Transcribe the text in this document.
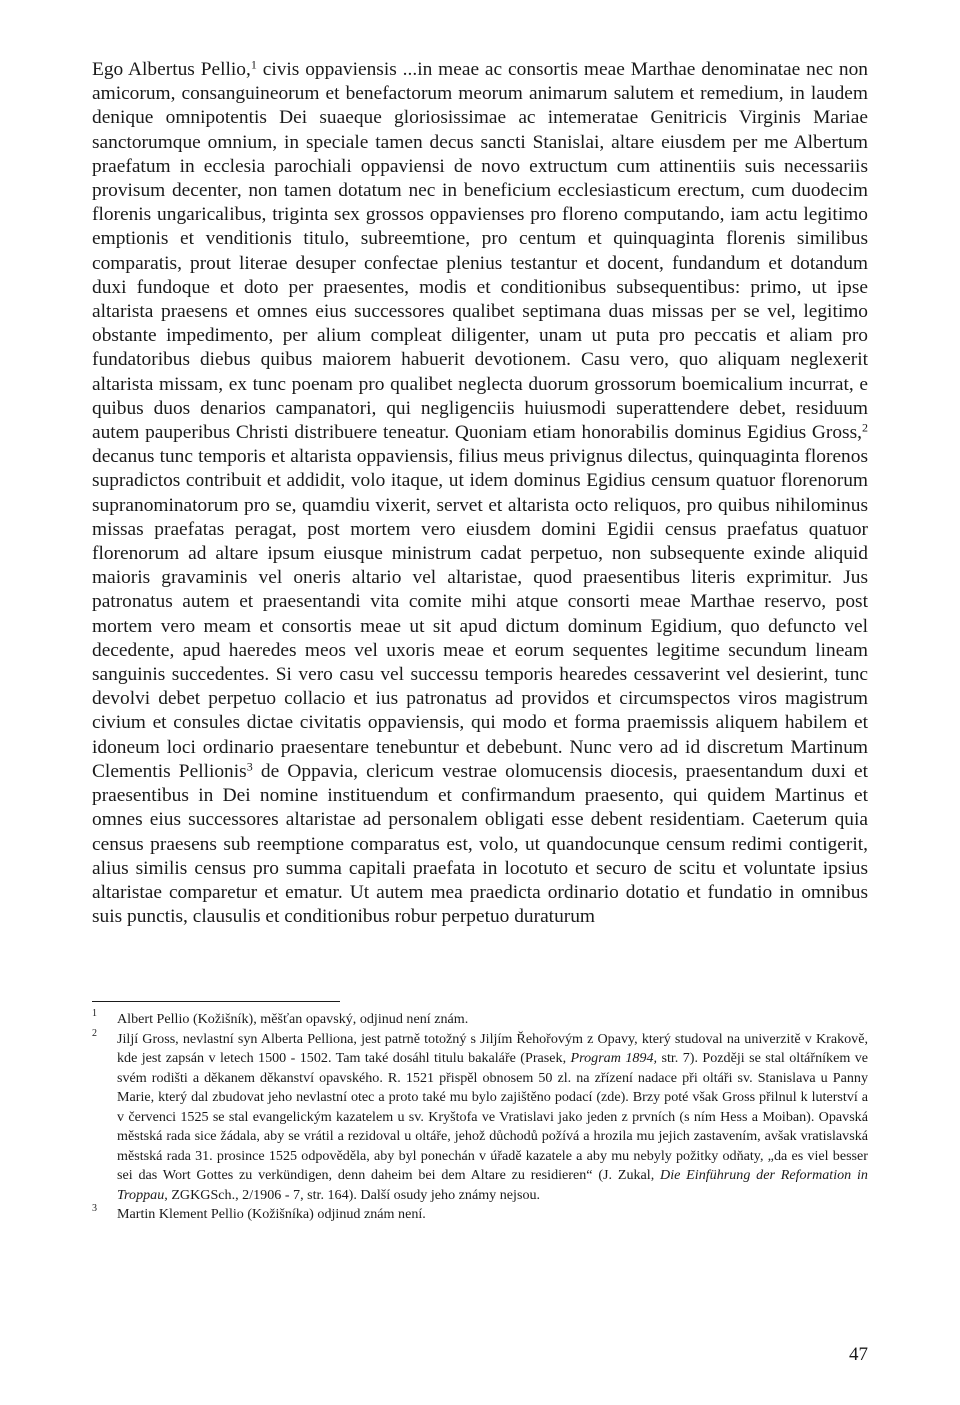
Ego Albertus Pellio,$^1$ civis oppaviensis ...in meae ac consortis meae Marthae denominatae nec non amicorum, consanguineorum et benefactorum meorum animarum salutem et remedium, in laudem denique omnipotentis Dei suaeque gloriosissimae ac intemeratae Genitricis Virginis Mariae sanctorumque omnium, in speciale tamen decus sancti Stanislai, altare eiusdem per me Albertum praefatum in ecclesia parochiali oppaviensi de novo extructum cum attinentiis suis necessariis provisum decenter, non tamen dotatum nec in beneficium ecclesiasticum erectum, cum duodecim florenis ungaricalibus, triginta sex grossos oppavienses pro floreno computando, iam actu legitimo emptionis et venditionis titulo, subreemtione, pro centum et quinquaginta florenis similibus comparatis, prout literae desuper confectae plenius testantur et docent, fundandum et dotandum duxi fundoque et doto per praesentes, modis et conditionibus subsequentibus: primo, ut ipse altarista praesens et omnes eius successores qualibet septimana duas missas per se vel, legitimo obstante impedimento, per alium compleat diligenter, unam ut puta pro peccatis et aliam pro fundatoribus diebus quibus maiorem habuerit devotionem. Casu vero, quo aliquam neglexerit altarista missam, ex tunc poenam pro qualibet neglecta duorum grossorum boemicalium incurrat, e quibus duos denarios campanatori, qui negligenciis huiusmodi superattendere debet, residuum autem pauperibus Christi distribuere teneatur. Quoniam etiam honorabilis dominus Egidius Gross,$^2$ decanus tunc temporis et altarista oppaviensis, filius meus privignus dilectus, quinquaginta florenos supradictos contribuit et addidit, volo itaque, ut idem dominus Egidius censum quatuor florenorum supranominatorum pro se, quamdiu vixerit, servet et altarista octo reliquos, pro quibus nihilominus missas praefatas peragat, post mortem vero eiusdem domini Egidii census praefatus quatuor florenorum ad altare ipsum eiusque ministrum cadat perpetuo, non subsequente exinde aliquid maioris gravaminis vel oneris altario vel altaristae, quod praesentibus literis exprimitur. Jus patronatus autem et praesentandi vita comite mihi atque consorti meae Marthae reservo, post mortem vero meam et consortis meae ut sit apud dictum dominum Egidium, quo defuncto vel decedente, apud haeredes meos vel uxoris meae et eorum sequentes legitime secundum lineam sanguinis succedentes. Si vero casu vel successu temporis hearedes cessaverint vel desierint, tunc devolvi debet perpetuo collacio et ius patronatus ad providos et circumspectos viros magistrum civium et consules dictae civitatis oppaviensis, qui modo et forma praemissis aliquem habilem et idoneum loci ordinario praesentare tenebuntur et debebunt. Nunc vero ad id discretum Martinum Clementis Pellionis$^3$ de Oppavia, clericum vestrae olomucensis diocesis, praesentandum duxi et praesentibus in Dei nomine instituendum et confirmandum praesento, qui quidem Martinus et omnes eius successores altaristae ad personalem obligati esse debent residentiam. Caeterum quia census praesens sub reemptione comparatus est, volo, ut quandocunque censum redimi contigerit, alius similis census pro summa capitali praefata in locotuto et securo de scitu et voluntate ipsius altaristae comparetur et ematur. Ut autem mea praedicta ordinario dotatio et fundatio in omnibus suis punctis, clausulis et conditionibus robur perpetuo duraturum

1 Albert Pellio (Kožišník), měšťan opavský, odjinud není znám.

2 Jiljí Gross, nevlastní syn Alberta Pelliona, jest patrně totožný s Jiljím Řehořovým z Opavy, který studoval na univerzitě v Krakově, kde jest zapsán v letech 1500 - 1502. Tam také dosáhl titulu bakaláře (Prasek, Program 1894, str. 7). Později se stal oltářníkem ve svém rodišti a děkanem děkanství opavského. R. 1521 přispěl obnosem 50 zl. na zřízení nadace při oltáři sv. Stanislava u Panny Marie, který dal zbudovat jeho nevlastní otec a proto také mu bylo zajištěno podací (zde). Brzy poté však Gross přilnul k luterství a v červenci 1525 se stal evangelickým kazatelem u sv. Kryštofa ve Vratislavi jako jeden z prvních (s ním Hess a Moiban). Opavská městská rada sice žádala, aby se vrátil a rezidoval u oltáře, jehož důchodů požívá a hrozila mu jejich zastavením, avšak vratislavská městská rada 31. prosince 1525 odpověděla, aby byl ponechán v úřadě kazatele a aby mu nebyly požitky odňaty, „da es viel besser sei das Wort Gottes zu verkündigen, denn daheim bei dem Altare zu residieren“ (J. Zukal, Die Einführung der Reformation in Troppau, ZGKGSch., 2/1906 - 7, str. 164). Další osudy jeho známy nejsou.

3 Martin Klement Pellio (Kožišníka) odjinud znám není.

47
